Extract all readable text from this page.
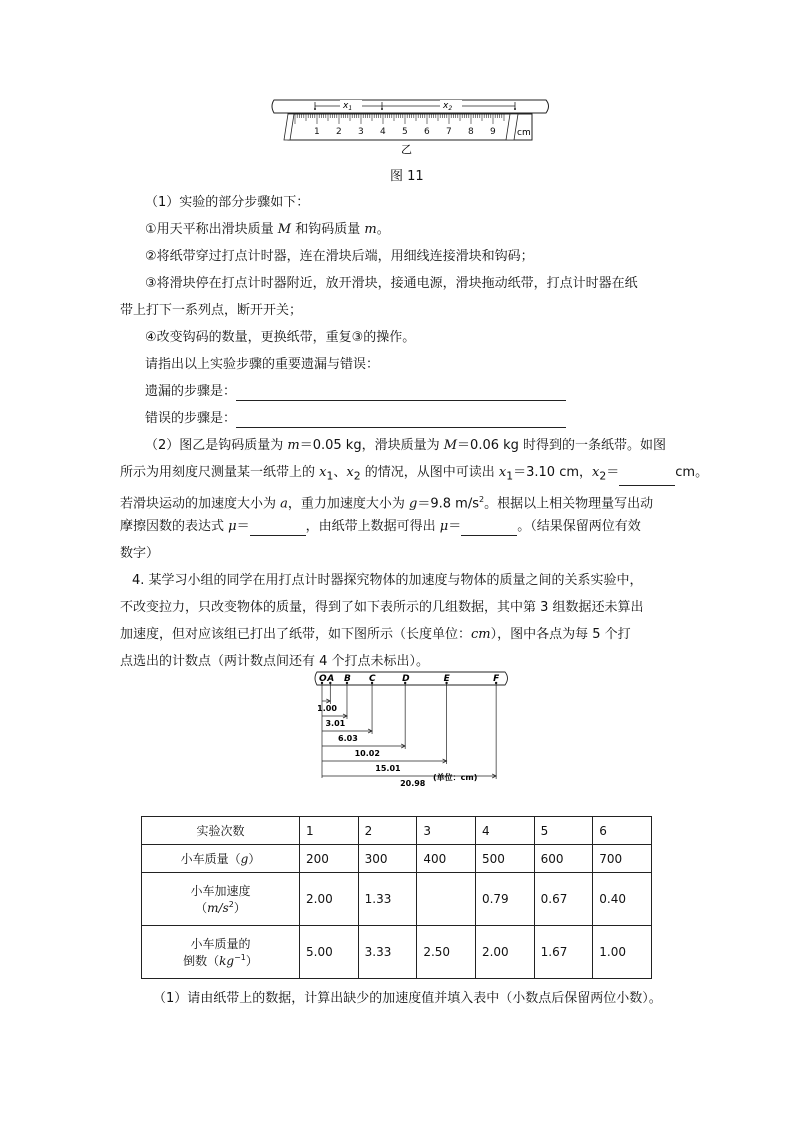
$x_1$	$x_2$
1 2 3 4 5 6 7 8 9 cm
乙
图 11
（1）实验的部分步骤如下：
①用天平称出滑块质量 M 和钩码质量 m。
②将纸带穿过打点计时器，连在滑块后端，用细线连接滑块和钩码；
③将滑块停在打点计时器附近，放开滑块，接通电源，滑块拖动纸带，打点计时器在纸
带上打下一系列点，断开开关；
④改变钩码的数量，更换纸带，重复③的操作。
请指出以上实验步骤的重要遗漏与错误：
遗漏的步骤是：
错误的步骤是：
（2）图乙是钩码质量为 m＝0.05 kg，滑块质量为 M＝0.06 kg 时得到的一条纸带。如图
所示为用刻度尺测量某一纸带上的 $x_1$、$x_2$ 的情况，从图中可读出 $x_1=3.10$ cm，$x_2=$	cm。
若滑块运动的加速度大小为 a，重力加速度大小为 g＝9.8 $m/s^2$。根据以上相关物理量写出动
摩擦因数的表达式 μ＝	，由纸带上数据可得出 μ＝	。（结果保留两位有效
数字）
4. 某学习小组的同学在用打点计时器探究物体的加速度与物体的质量之间的关系实验中，
不改变拉力，只改变物体的质量，得到了如下表所示的几组数据，其中第 3 组数据还未算出
加速度，但对应该组已打出了纸带，如下图所示（长度单位：cm），图中各点为每 5 个打
点选出的计数点（两计数点间还有 4 个打点未标出）。
O A
1.00
B
3.01
C
6.03
D
10.02
E
15.01
F
20.98
(单位：cm)
实验次数	1	2	3	4	5	6
小车质量（g）	200	300	400	500	600	700

小车加速度
$(m/s^2)$	2.00	1.33		0.79	0.67	0.40

小车质量的
倒数$(kg^{-1})$	5.00	3.33	2.50	2.00	1.67	1.00
（1）请由纸带上的数据，计算出缺少的加速度值并填入表中（小数点后保留两位小数）。
